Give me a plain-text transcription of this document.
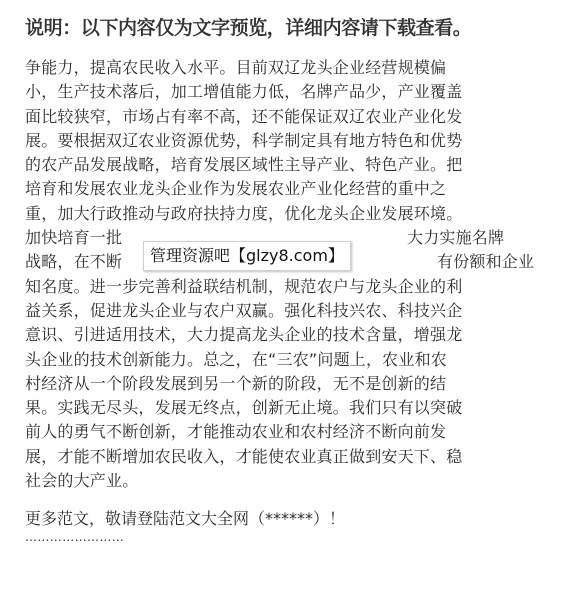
说明：以下内容仅为文字预览，详细内容请下载查看。
争能力，提高农民收入水平。目前双辽龙头企业经营规模偏
小，生产技术落后，加工增值能力低，名牌产品少，产业覆盖
面比较狭窄，市场占有率不高，还不能保证双辽农业产业化发
展。要根据双辽农业资源优势，科学制定具有地方特色和优势
的农产品发展战略，培育发展区域性主导产业、特色产业。把
培育和发展农业龙头企业作为发展农业产业化经营的重中之
重，加大行政推动与政府扶持力度，优化龙头企业发展环境。
加快培育一批	大力实施名牌
战略，在不断	有份额和企业
知名度。进一步完善利益联结机制，规范农户与龙头企业的利
益关系，促进龙头企业与农户双赢。强化科技兴农、科技兴企
意识、引进适用技术，大力提高龙头企业的技术含量，增强龙
头企业的技术创新能力。总之，在“三农”问题上，农业和农
村经济从一个阶段发展到另一个新的阶段，无不是创新的结
果。实践无尽头，发展无终点，创新无止境。我们只有以突破
前人的勇气不断创新，才能推动农业和农村经济不断向前发
展，才能不断增加农民收入，才能使农业真正做到安天下、稳
社会的大产业。
更多范文，敬请登陆范文大全网（******）！
……………………
管理资源吧【glzy8.com】
